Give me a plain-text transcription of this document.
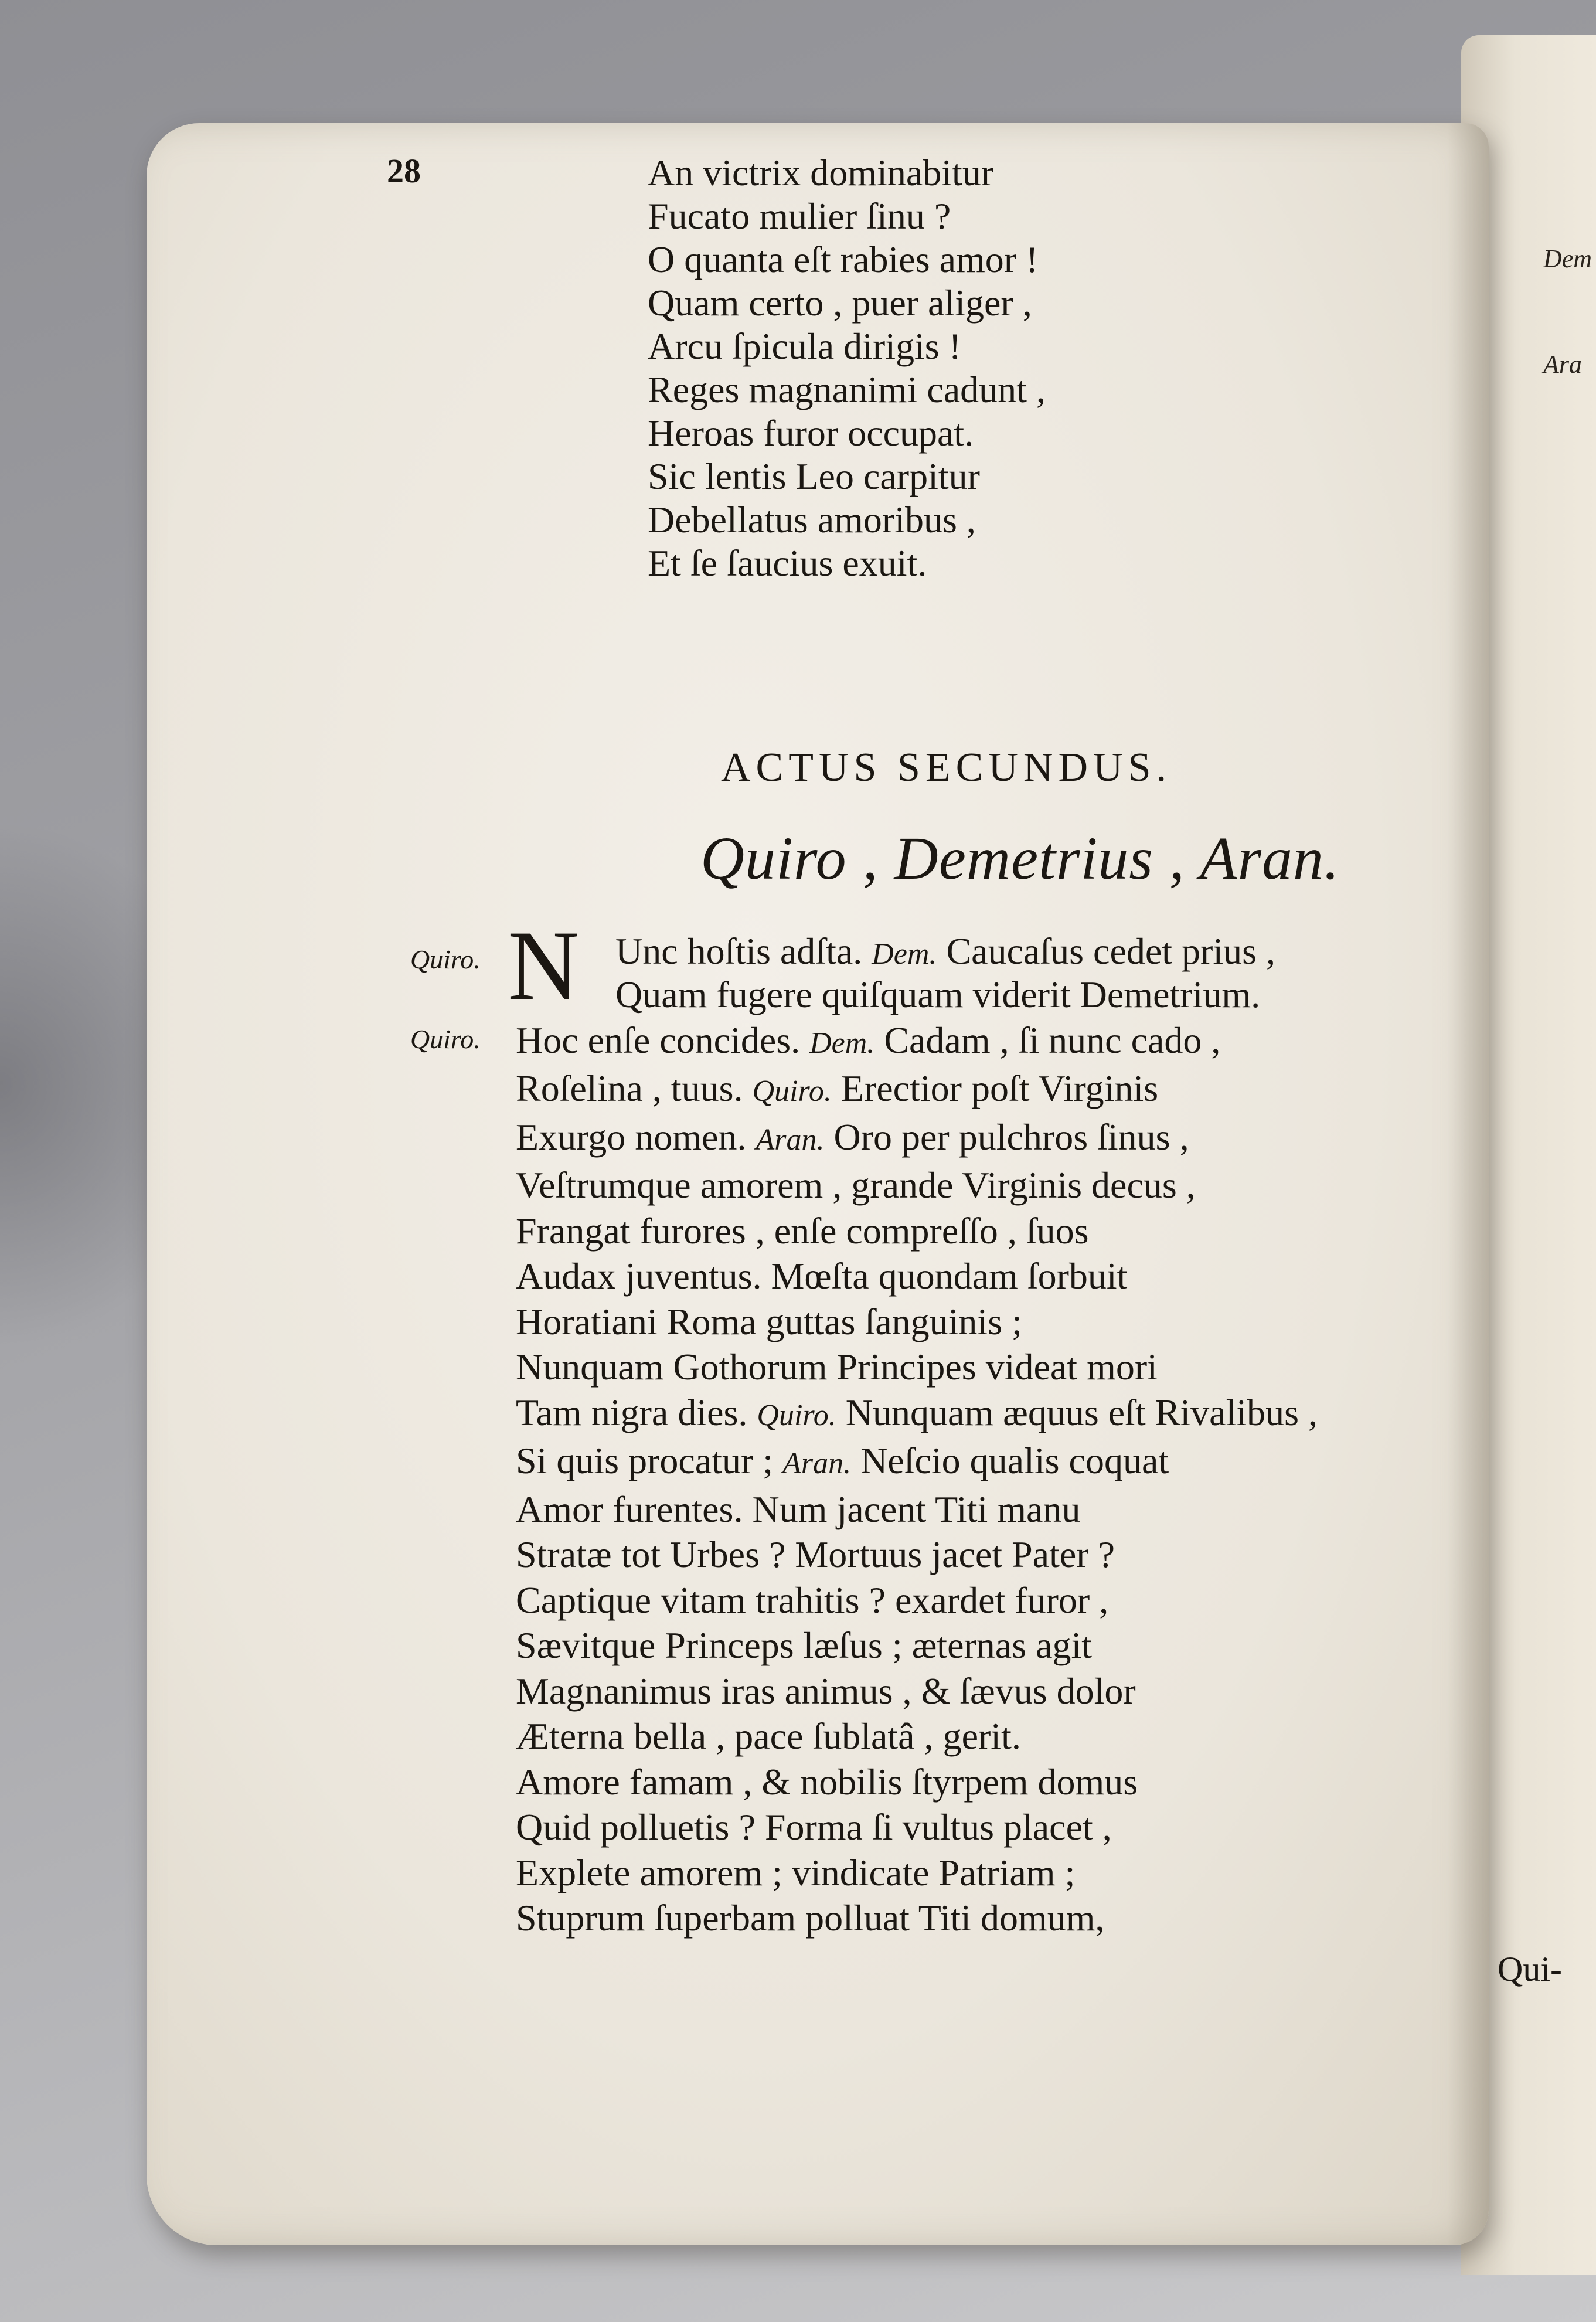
Dem
Ara
28	An victrix dominabitur
Fucato mulier ſinu ?
O quanta eſt rabies amor !
Quam certo , puer aliger ,
Arcu ſpicula dirigis !
Reges magnanimi cadunt ,
Heroas furor occupat.
Sic lentis Leo carpitur
Debellatus amoribus ,
Et ſe ſaucius exuit.
ACTUS SECUNDUS.
Quiro , Demetrius , Aran.
Quiro. N Unc hoſtis adſta. Dem. Caucaſus cedet prius ,
Quiro.
Quam fugere quiſquam viderit Demetrium.
Hoc enſe concides. Dem. Cadam , ſi nunc cado ,
Roſelina , tuus. Quiro. Erectior poſt Virginis
Exurgo nomen. Aran. Oro per pulchros ſinus ,
Veſtrumque amorem , grande Virginis decus ,
Frangat furores , enſe compreſſo , ſuos
Audax juventus. Mœſta quondam ſorbuit
Horatiani Roma guttas ſanguinis ;
Nunquam Gothorum Principes videat mori
Tam nigra dies. Quiro. Nunquam æquus eſt Rivalibus ,
Si quis procatur ; Aran. Neſcio qualis coquat
Amor furentes. Num jacent Titi manu
Stratæ tot Urbes ? Mortuus jacet Pater ?
Captique vitam trahitis ? exardet furor ,
Sævitque Princeps læſus ; æternas agit
Magnanimus iras animus , & ſævus dolor
Æterna bella , pace ſublatâ , gerit.
Amore famam , & nobilis ſtyrpem domus
Quid polluetis ? Forma ſi vultus placet ,
Explete amorem ; vindicate Patriam ;
Stuprum ſuperbam polluat Titi domum,
Qui-
